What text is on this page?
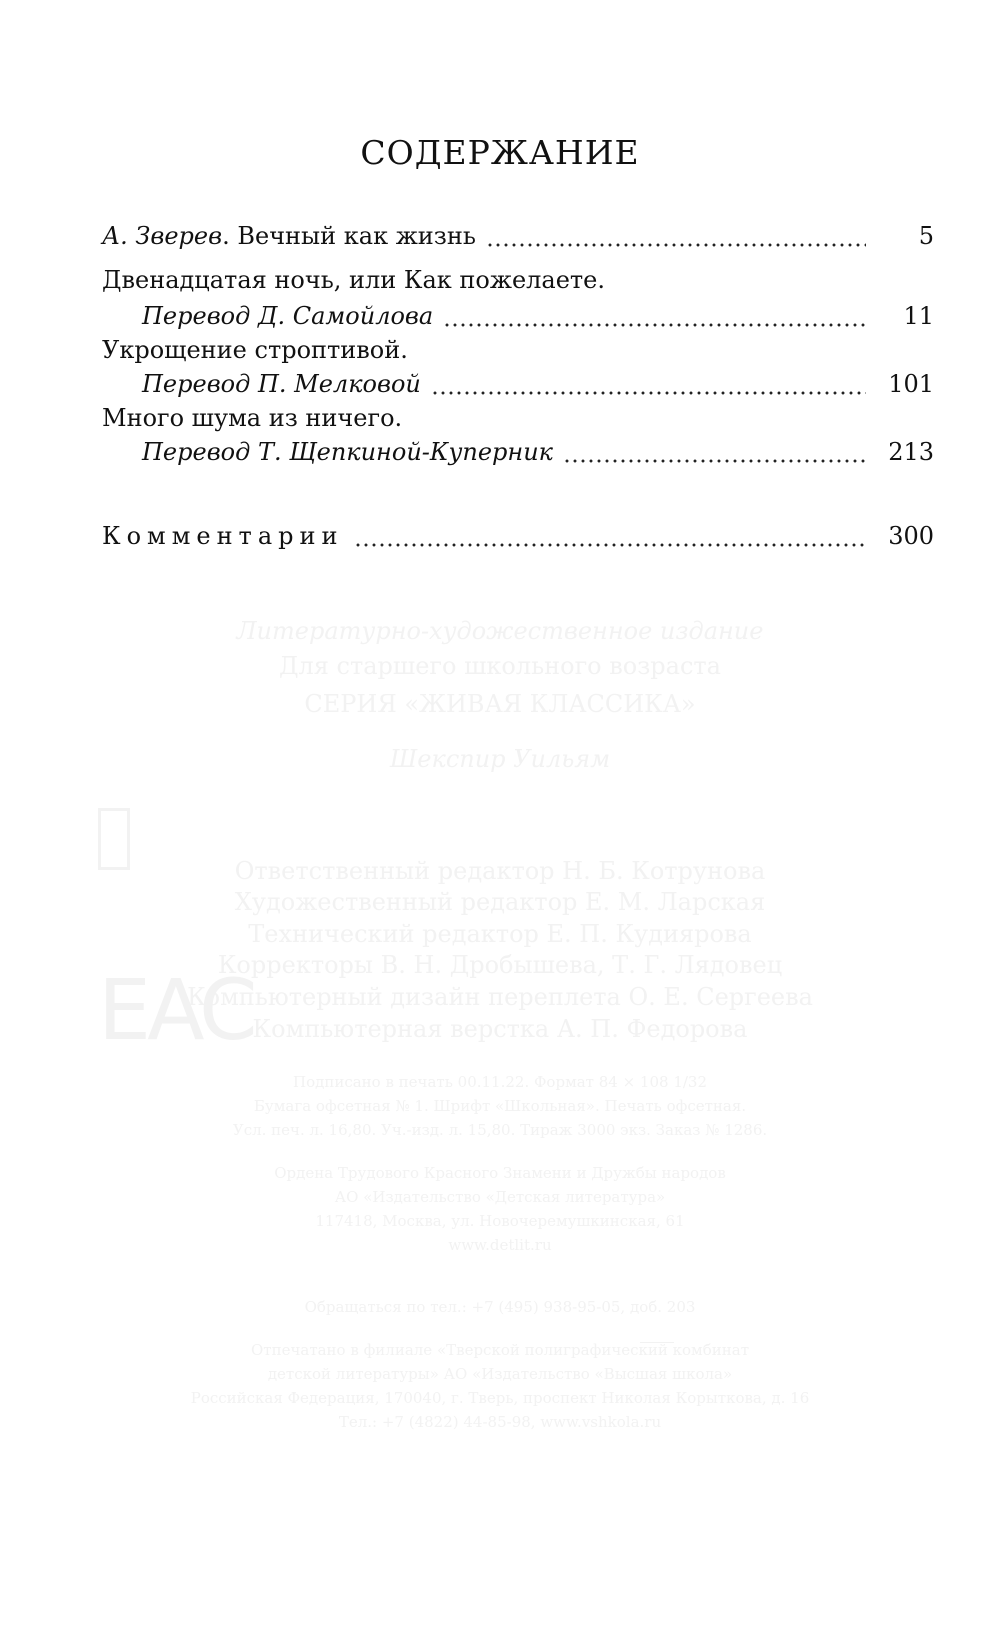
СОДЕРЖАНИЕ
А. Зверев. Вечный как жизнь	5
Двенадцатая ночь, или Как пожелаете.
Перевод Д. Самойлова	11
Укрощение строптивой.
Перевод П. Мелковой	101
Много шума из ничего.
Перевод Т. Щепкиной-Куперник	213
Комментарии	300
Литературно-художественное издание
Для старшего школьного возраста
СЕРИЯ «ЖИВАЯ КЛАССИКА»
Шекспир Уильям
Ответственный редактор Н. Б. Котрунова
Художественный редактор Е. М. Ларская
Технический редактор Е. П. Кудиярова
Корректоры В. Н. Дробышева, Т. Г. Лядовец
Компьютерный дизайн переплета О. Е. Сергеева
Компьютерная верстка А. П. Федорова
EAC
Подписано в печать 00.11.22. Формат 84 × 108 1/32
Бумага офсетная № 1. Шрифт «Школьная». Печать офсетная.
Усл. печ. л. 16,80. Уч.-изд. л. 15,80. Тираж 3000 экз. Заказ № 1286.
Ордена Трудового Красного Знамени и Дружбы народов
АО «Издательство «Детская литература»
117418, Москва, ул. Новочеремушкинская, 61
www.detlit.ru
Обращаться по тел.: +7 (495) 938-95-05, доб. 203
Отпечатано в филиале «Тверской полиграфический комбинат
детской литературы» АО «Издательство «Высшая школа»
Российская Федерация, 170040, г. Тверь, проспект Николая Корыткова, д. 16
Тел.: +7 (4822) 44-85-98, www.vshkola.ru
